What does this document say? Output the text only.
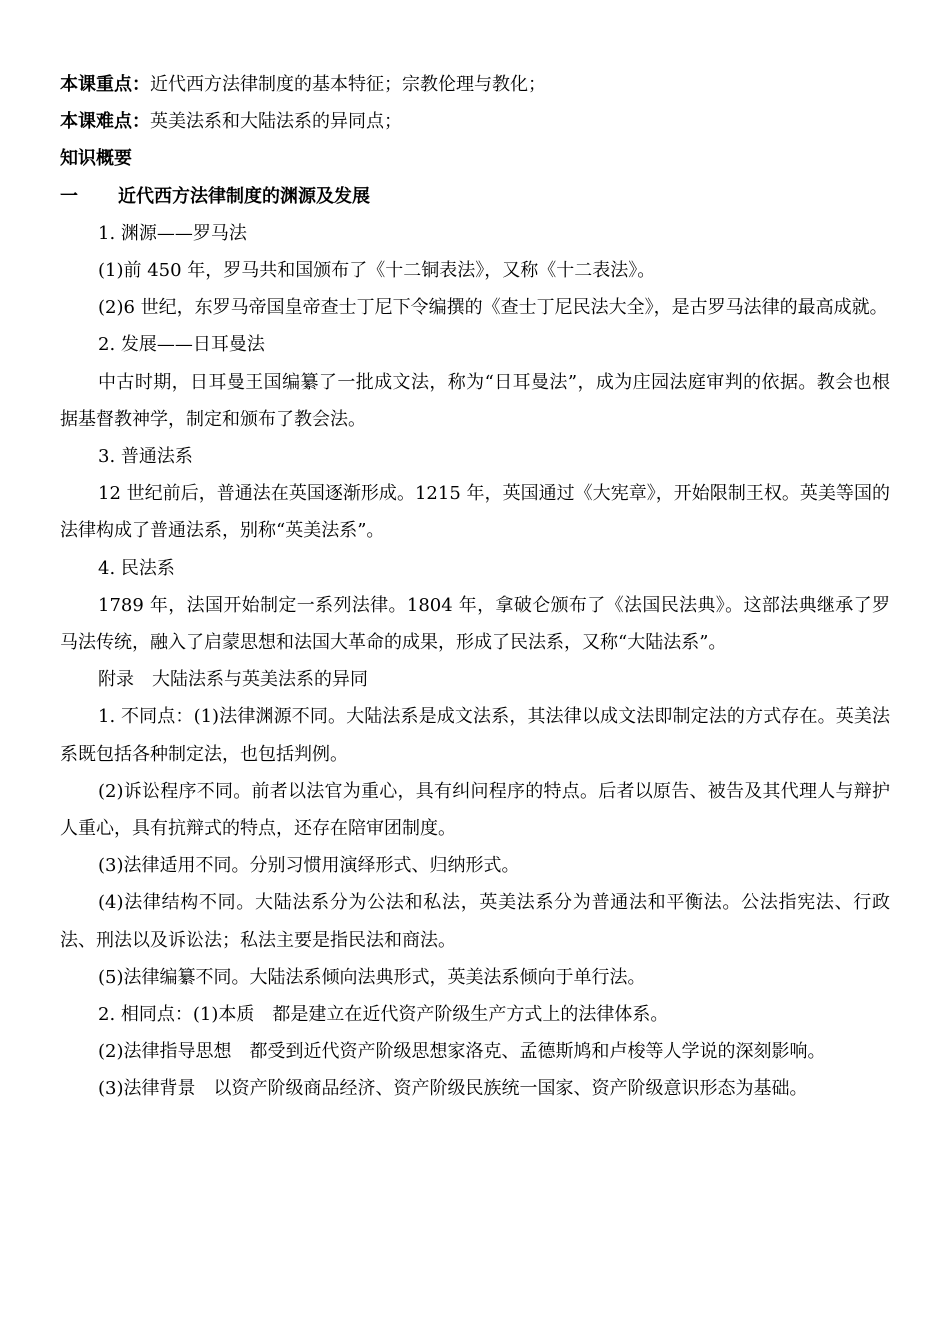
本课重点：近代西方法律制度的基本特征；宗教伦理与教化；

本课难点：英美法系和大陆法系的异同点；

知识概要

一 近代西方法律制度的渊源及发展

1. 渊源——罗马法

(1)前 450 年，罗马共和国颁布了《十二铜表法》，又称《十二表法》。

(2)6 世纪，东罗马帝国皇帝查士丁尼下令编撰的《查士丁尼民法大全》，是古罗马法律的最高成就。

2. 发展——日耳曼法

中古时期，日耳曼王国编纂了一批成文法，称为“日耳曼法”，成为庄园法庭审判的依据。教会也根据基督教神学，制定和颁布了教会法。

3. 普通法系

12 世纪前后，普通法在英国逐渐形成。1215 年，英国通过《大宪章》，开始限制王权。英美等国的法律构成了普通法系，别称“英美法系”。

4. 民法系

1789 年，法国开始制定一系列法律。1804 年，拿破仑颁布了《法国民法典》。这部法典继承了罗马法传统，融入了启蒙思想和法国大革命的成果，形成了民法系，又称“大陆法系”。

附录　大陆法系与英美法系的异同

1. 不同点：(1)法律渊源不同。大陆法系是成文法系，其法律以成文法即制定法的方式存在。英美法系既包括各种制定法，也包括判例。

(2)诉讼程序不同。前者以法官为重心，具有纠问程序的特点。后者以原告、被告及其代理人与辩护人重心，具有抗辩式的特点，还存在陪审团制度。

(3)法律适用不同。分别习惯用演绎形式、归纳形式。

(4)法律结构不同。大陆法系分为公法和私法，英美法系分为普通法和平衡法。公法指宪法、行政法、刑法以及诉讼法；私法主要是指民法和商法。

(5)法律编纂不同。大陆法系倾向法典形式，英美法系倾向于单行法。

2. 相同点：(1)本质　都是建立在近代资产阶级生产方式上的法律体系。

(2)法律指导思想　都受到近代资产阶级思想家洛克、孟德斯鸠和卢梭等人学说的深刻影响。

(3)法律背景　以资产阶级商品经济、资产阶级民族统一国家、资产阶级意识形态为基础。
